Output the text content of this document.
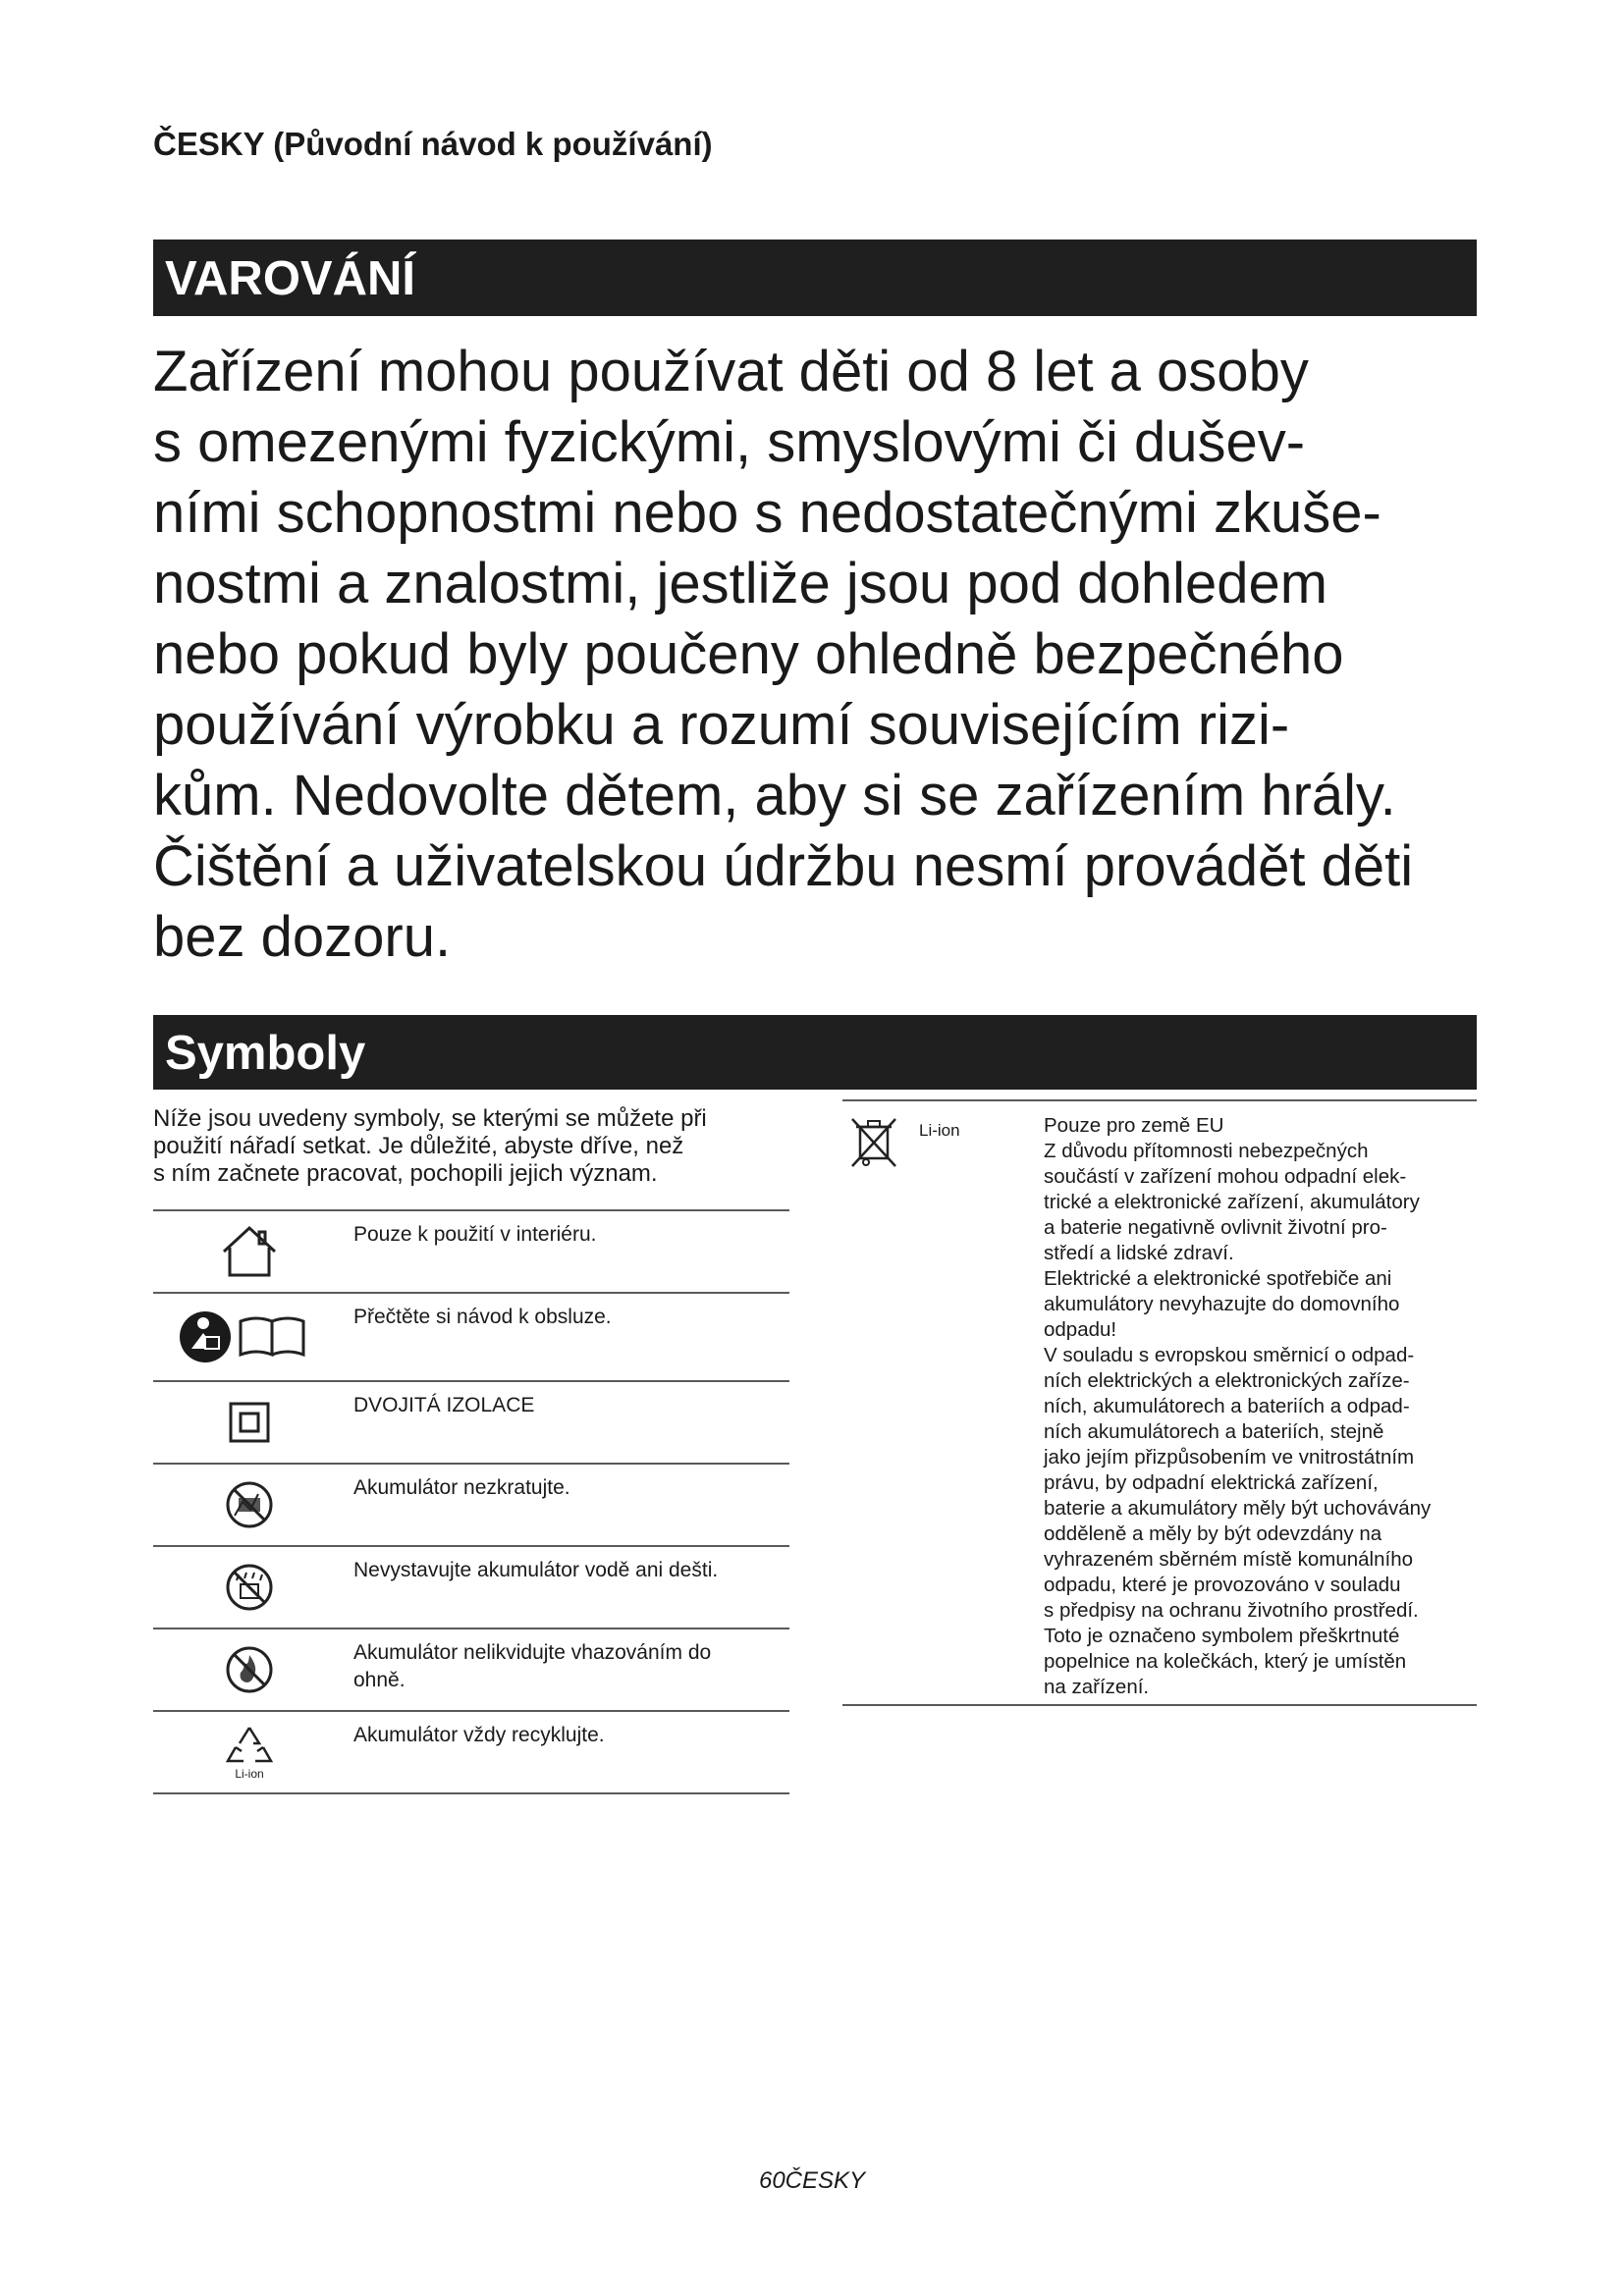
ČESKY (Původní návod k používání)
VAROVÁNÍ

Zařízení mohou používat děti od 8 let a osoby
s omezenými fyzickými, smyslovými či dušev-
ními schopnostmi nebo s nedostatečnými zkuše-
nostmi a znalostmi, jestliže jsou pod dohledem
nebo pokud byly poučeny ohledně bezpečného
používání výrobku a rozumí souvisejícím rizi-
kům. Nedovolte dětem, aby si se zařízením hrály.
Čištění a uživatelskou údržbu nesmí provádět děti
bez dozoru.

Symboly

Níže jsou uvedeny symboly, se kterými se můžete při
použití nářadí setkat. Je důležité, abyste dříve, než
s ním začnete pracovat, pochopili jejich význam.

Pouze k použití v interiéru.

Přečtěte si návod k obsluze.

DVOJITÁ IZOLACE

Akumulátor nezkratujte.

Nevystavujte akumulátor vodě ani dešti.

Akumulátor nelikvidujte vhazováním do
ohně.

Li-ion

Akumulátor vždy recyklujte.

Li-ion	Pouze pro země EU
Z důvodu přítomnosti nebezpečných
součástí v zařízení mohou odpadní elek-
trické a elektronické zařízení, akumulátory
a baterie negativně ovlivnit životní pro-
středí a lidské zdraví.
Elektrické a elektronické spotřebiče ani
akumulátory nevyhazujte do domovního
odpadu!
V souladu s evropskou směrnicí o odpad-
ních elektrických a elektronických zaříze-
ních, akumulátorech a bateriích a odpad-
ních akumulátorech a bateriích, stejně
jako jejím přizpůsobením ve vnitrostátním
právu, by odpadní elektrická zařízení,
baterie a akumulátory měly být uchovávány
odděleně a měly by být odevzdány na
vyhrazeném sběrném místě komunálního
odpadu, které je provozováno v souladu
s předpisy na ochranu životního prostředí.
Toto je označeno symbolem přeškrtnuté
popelnice na kolečkách, který je umístěn
na zařízení.

60ČESKY
